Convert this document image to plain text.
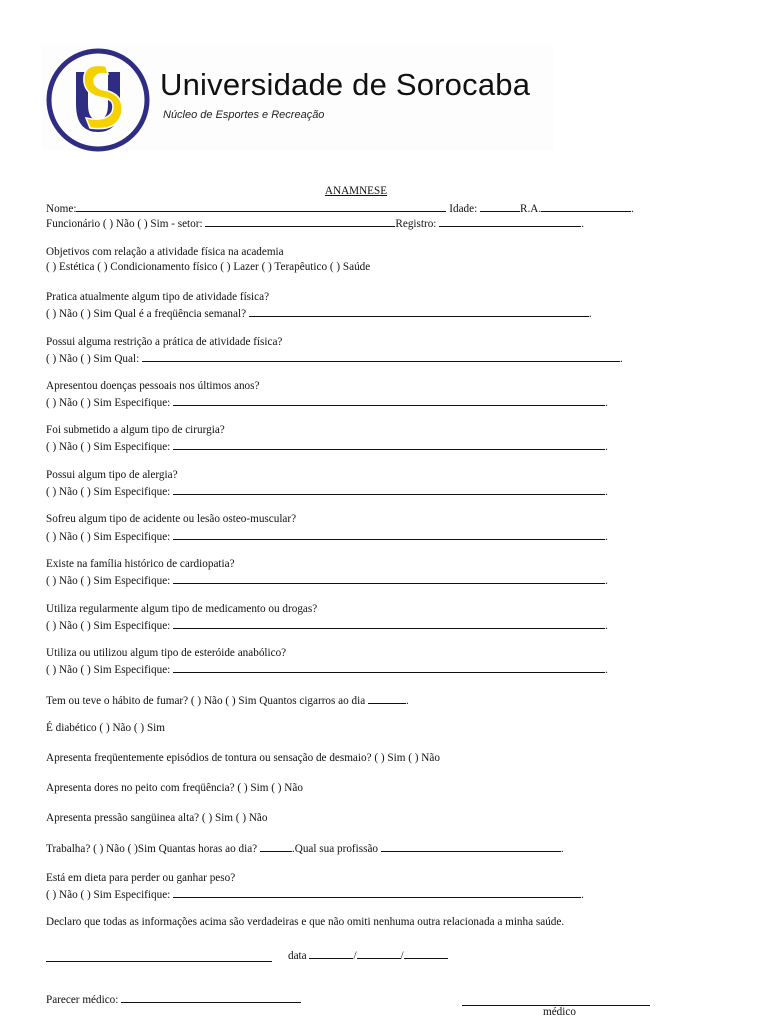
Universidade de Sorocaba
Núcleo de Esportes e Recreação
ANAMNESE
Nome:	Idade:	R.A.	.
Funcionário ( ) Não ( ) Sim - setor:	Registro:	.
Objetivos com relação a atividade física na academia
( ) Estética ( ) Condicionamento físico ( ) Lazer ( ) Terapêutico ( ) Saúde
Pratica atualmente algum tipo de atividade física?
( ) Não ( ) Sim Qual é a freqüência semanal?	.
Possui alguma restrição a prática de atividade física?
( ) Não ( ) Sim Qual:	.
Apresentou doenças pessoais nos últimos anos?
( ) Não ( ) Sim Especifique:	.
Foi submetido a algum tipo de cirurgia?
( ) Não ( ) Sim Especifique:	.
Possui algum tipo de alergia?
( ) Não ( ) Sim Especifique:	.
Sofreu algum tipo de acidente ou lesão osteo-muscular?
( ) Não ( ) Sim Especifique:	.
Existe na família histórico de cardiopatia?
( ) Não ( ) Sim Especifique:	.
Utiliza regularmente algum tipo de medicamento ou drogas?
( ) Não ( ) Sim Especifique:	.
Utiliza ou utilizou algum tipo de esteróide anabólico?
( ) Não ( ) Sim Especifique:	.
Tem ou teve o hábito de fumar? ( ) Não ( ) Sim Quantos cigarros ao dia	.
É diabético ( ) Não ( ) Sim
Apresenta freqüentemente episódios de tontura ou sensação de desmaio? ( ) Sim ( ) Não
Apresenta dores no peito com freqüência? ( ) Sim ( ) Não
Apresenta pressão sangüinea alta? ( ) Sim ( ) Não
Trabalha? ( ) Não ( )Sim Quantas horas ao dia?	.Qual sua profissão	.
Está em dieta para perder ou ganhar peso?
( ) Não ( ) Sim Especifique:	.
Declaro que todas as informações acima são verdadeiras e que não omiti nenhuma outra relacionada a minha saúde.
data	/	/
Parecer médico:
médico
